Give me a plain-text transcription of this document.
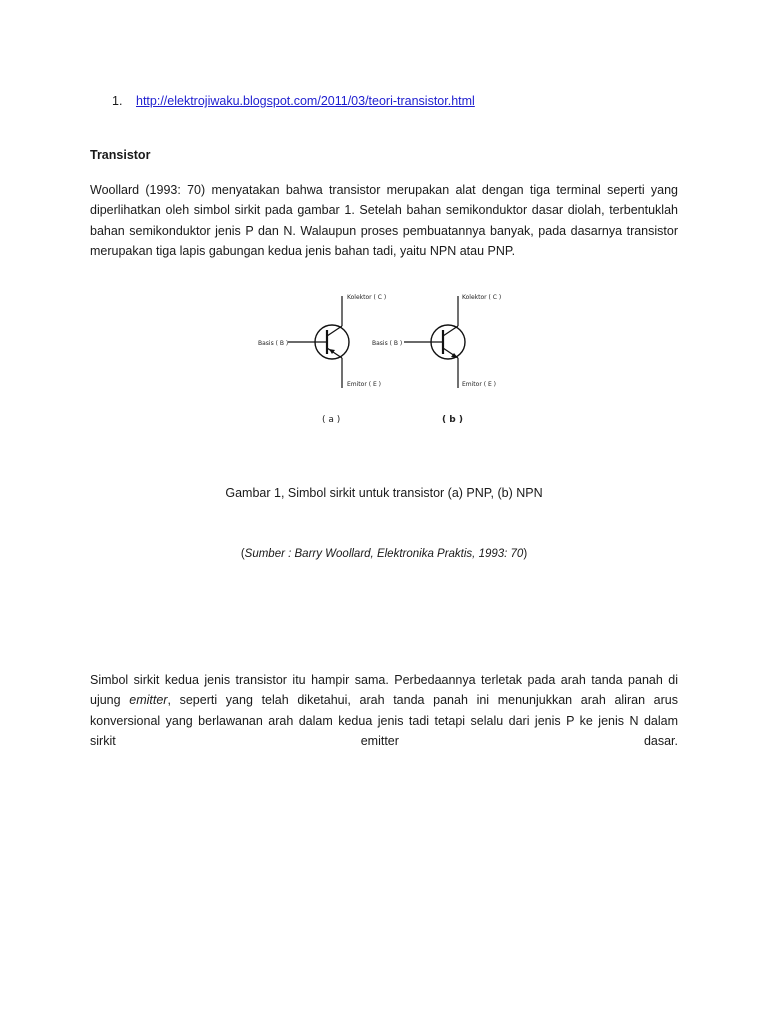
1. http://elektrojiwaku.blogspot.com/2011/03/teori-transistor.html
Transistor
Woollard (1993: 70) menyatakan bahwa transistor merupakan alat dengan tiga terminal seperti yang
diperlihatkan oleh simbol sirkit pada gambar 1. Setelah bahan semikonduktor dasar diolah, terbentuklah
bahan semikonduktor jenis P dan N. Walaupun proses pembuatannya banyak, pada dasarnya transistor
merupakan tiga lapis gabungan kedua jenis bahan tadi, yaitu NPN atau PNP.
Kolektor ( C )
Basis ( B )
Emitor ( E )
( a )
Kolektor ( C )
Basis ( B )
Emitor ( E )
( b )
Gambar 1, Simbol sirkit untuk transistor (a) PNP, (b) NPN
(Sumber : Barry Woollard, Elektronika Praktis, 1993: 70)
Simbol sirkit kedua jenis transistor itu hampir sama. Perbedaannya terletak pada arah tanda panah di
ujung emitter, seperti yang telah diketahui, arah tanda panah ini menunjukkan arah aliran arus
konversional yang berlawanan arah dalam kedua jenis tadi tetapi selalu dari jenis P ke jenis N dalam
sirkit	emitter	dasar.
